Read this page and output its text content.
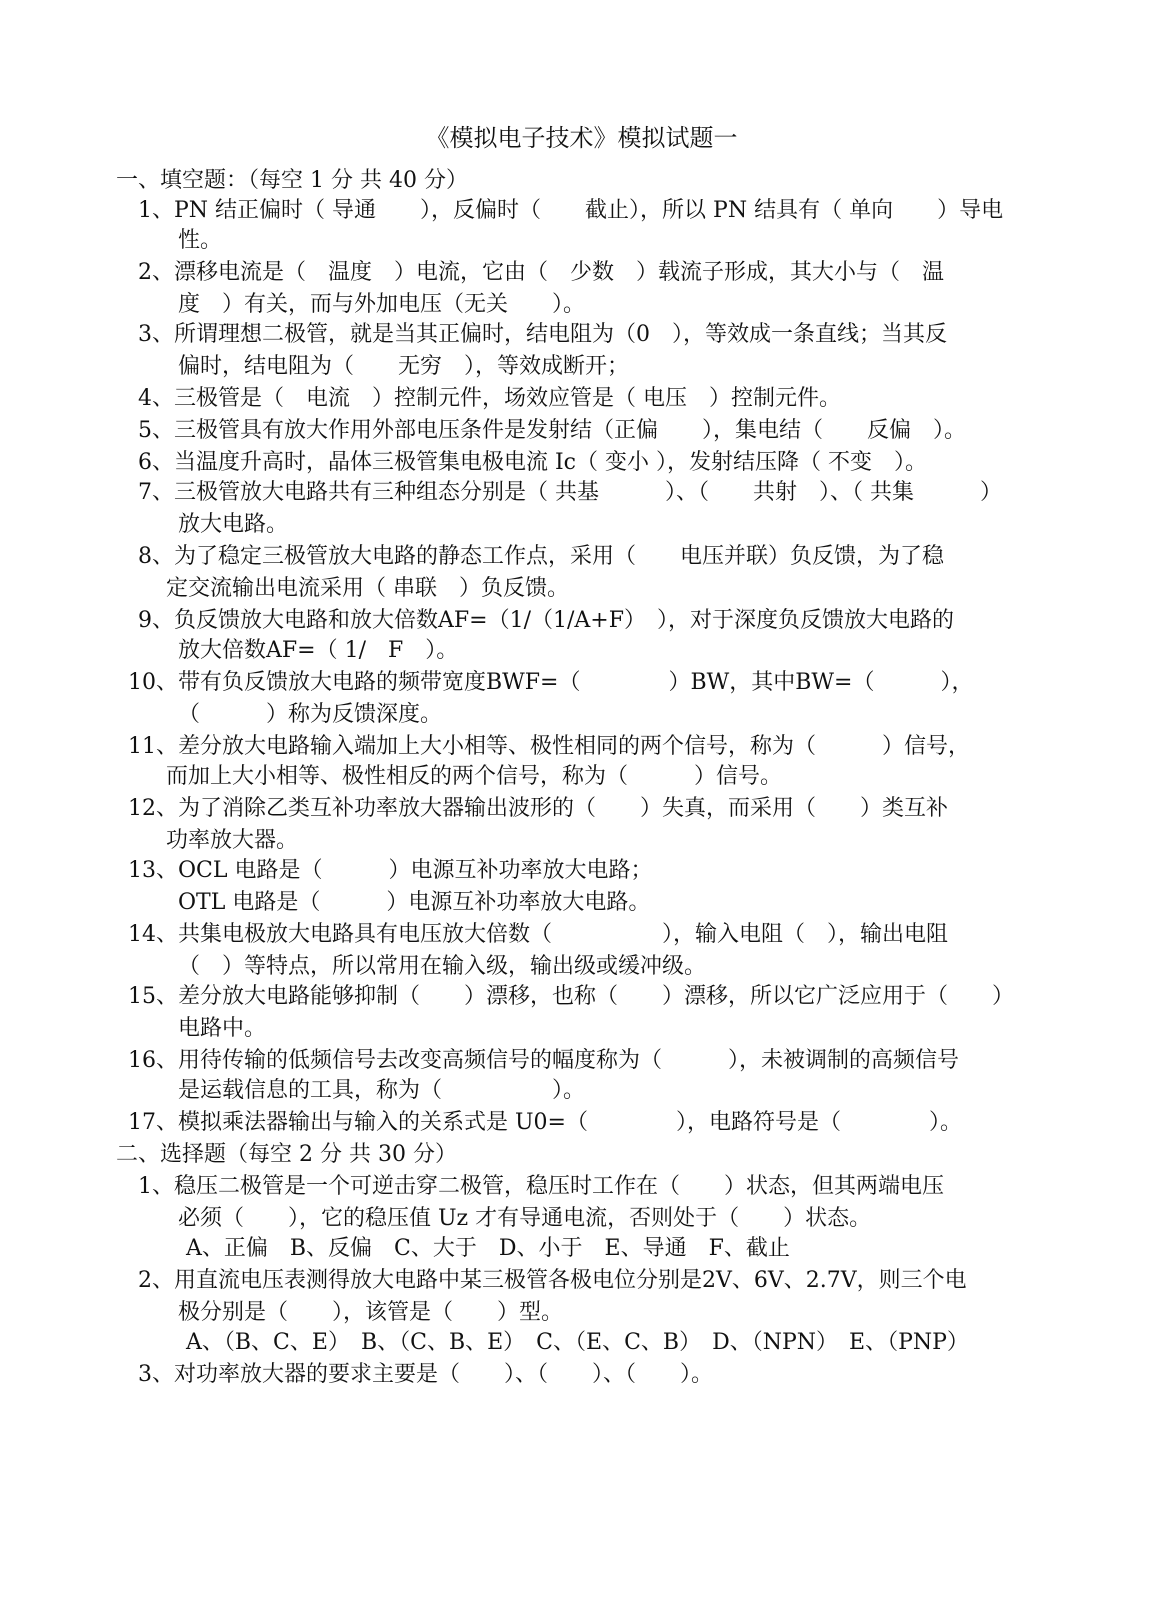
《模拟电子技术》模拟试题一
一、填空题：（每空 1 分 共 40 分）
1、PN 结正偏时（ 导通　　），反偏时（　　截止），所以 PN 结具有（ 单向　　）导电
性。
2、漂移电流是（　温度　）电流，它由（　少数　）载流子形成，其大小与（　温
度　）有关，而与外加电压（无关　　）。
3、所谓理想二极管，就是当其正偏时，结电阻为（0　），等效成一条直线；当其反
偏时，结电阻为（　　无穷　），等效成断开；
4、三极管是（　电流　）控制元件，场效应管是（ 电压　）控制元件。
5、三极管具有放大作用外部电压条件是发射结（正偏　　），集电结（　　反偏　）。
6、当温度升高时，晶体三极管集电极电流 Ic（ 变小 ），发射结压降（ 不变　）。
7、三极管放大电路共有三种组态分别是（ 共基　　　）、（　　共射　）、（ 共集　　　）
放大电路。
8、为了稳定三极管放大电路的静态工作点，采用（　　电压并联）负反馈，为了稳
定交流输出电流采用（ 串联　）负反馈。
9、负反馈放大电路和放大倍数AF=（1/（1/A+F）　），对于深度负反馈放大电路的
放大倍数AF=（ 1/　F　）。
10、带有负反馈放大电路的频带宽度BWF=（　　　　）BW，其中BW=（　　　），
（　　　）称为反馈深度。
11、差分放大电路输入端加上大小相等、极性相同的两个信号，称为（　　　）信号，
而加上大小相等、极性相反的两个信号，称为（　　　）信号。
12、为了消除乙类互补功率放大器输出波形的（　　）失真，而采用（　　）类互补
功率放大器。
13、OCL 电路是（　　　）电源互补功率放大电路；
OTL 电路是（　　　）电源互补功率放大电路。
14、共集电极放大电路具有电压放大倍数（　　　　　），输入电阻（　），输出电阻
（　）等特点，所以常用在输入级，输出级或缓冲级。
15、差分放大电路能够抑制（　　）漂移，也称（　　）漂移，所以它广泛应用于（　　）
电路中。
16、用待传输的低频信号去改变高频信号的幅度称为（　　　），未被调制的高频信号
是运载信息的工具，称为（　　　　　）。
17、模拟乘法器输出与输入的关系式是 U0=（　　　　），电路符号是（　　　　）。
二、选择题（每空 2 分 共 30 分）
1、稳压二极管是一个可逆击穿二极管，稳压时工作在（　　）状态，但其两端电压
必须（　　），它的稳压值 Uz 才有导通电流，否则处于（　　）状态。
A、正偏　B、反偏　C、大于　D、小于　E、导通　F、截止
2、用直流电压表测得放大电路中某三极管各极电位分别是2V、6V、2.7V，则三个电
极分别是（　　），该管是（　　）型。
A、（B、C、E）　B、（C、B、E）　C、（E、C、B）　D、（NPN）　E、（PNP）
3、对功率放大器的要求主要是（　　）、（　　）、（　　）。
